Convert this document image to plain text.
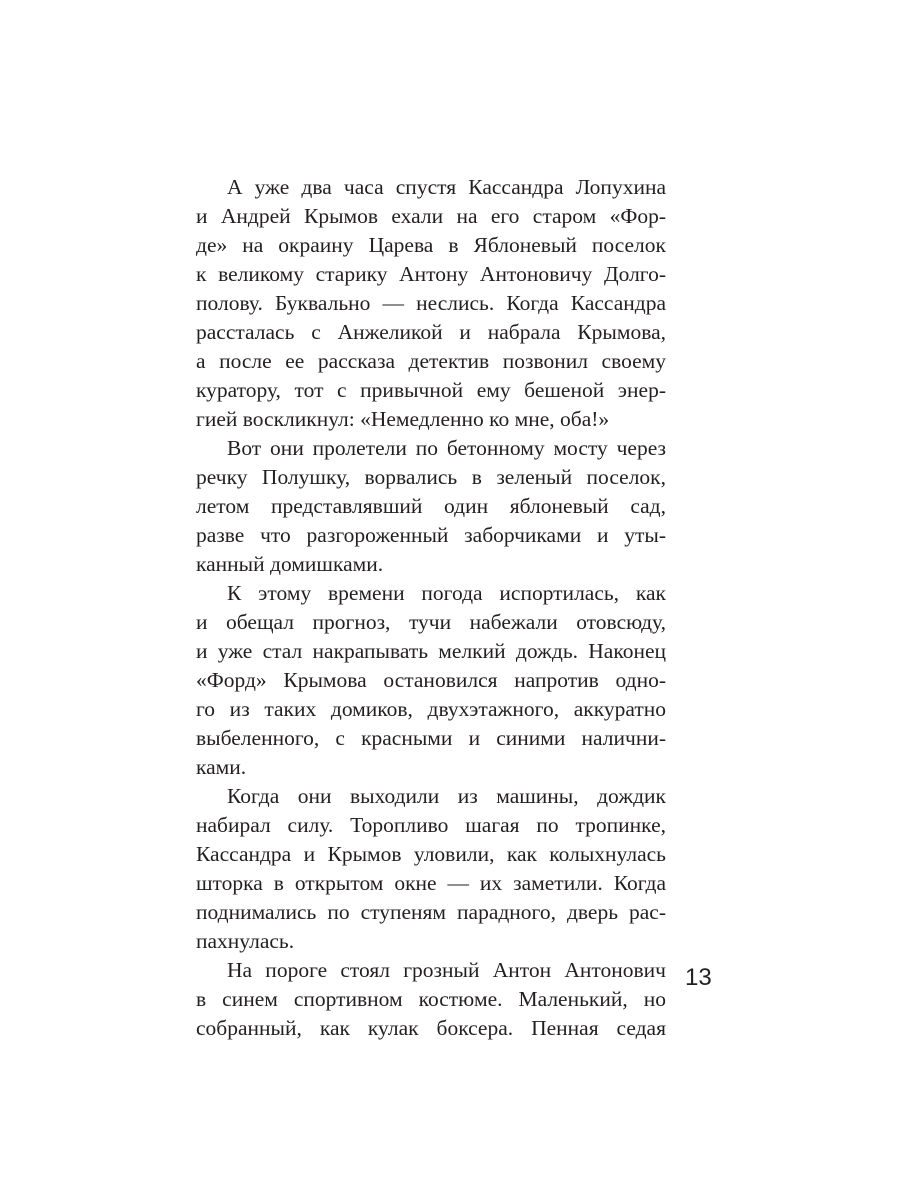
А уже два часа спустя Кассандра Лопухина
и Андрей Крымов ехали на его старом «Фор-
де» на окраину Царева в Яблоневый поселок
к великому старику Антону Антоновичу Долго-
полову. Буквально — неслись. Когда Кассандра
рассталась с Анжеликой и набрала Крымова,
а после ее рассказа детектив позвонил своему
куратору, тот с привычной ему бешеной энер-
гией воскликнул: «Немедленно ко мне, оба!»
Вот они пролетели по бетонному мосту через
речку Полушку, ворвались в зеленый поселок,
летом представлявший один яблоневый сад,
разве что разгороженный заборчиками и уты-
канный домишками.
К этому времени погода испортилась, как
и обещал прогноз, тучи набежали отовсюду,
и уже стал накрапывать мелкий дождь. Наконец
«Форд» Крымова остановился напротив одно-
го из таких домиков, двухэтажного, аккуратно
выбеленного, с красными и синими налични-
ками.
Когда они выходили из машины, дождик
набирал силу. Торопливо шагая по тропинке,
Кассандра и Крымов уловили, как колыхнулась
шторка в открытом окне — их заметили. Когда
поднимались по ступеням парадного, дверь рас-
пахнулась.
На пороге стоял грозный Антон Антонович
в синем спортивном костюме. Маленький, но
собранный, как кулак боксера. Пенная седая
13
